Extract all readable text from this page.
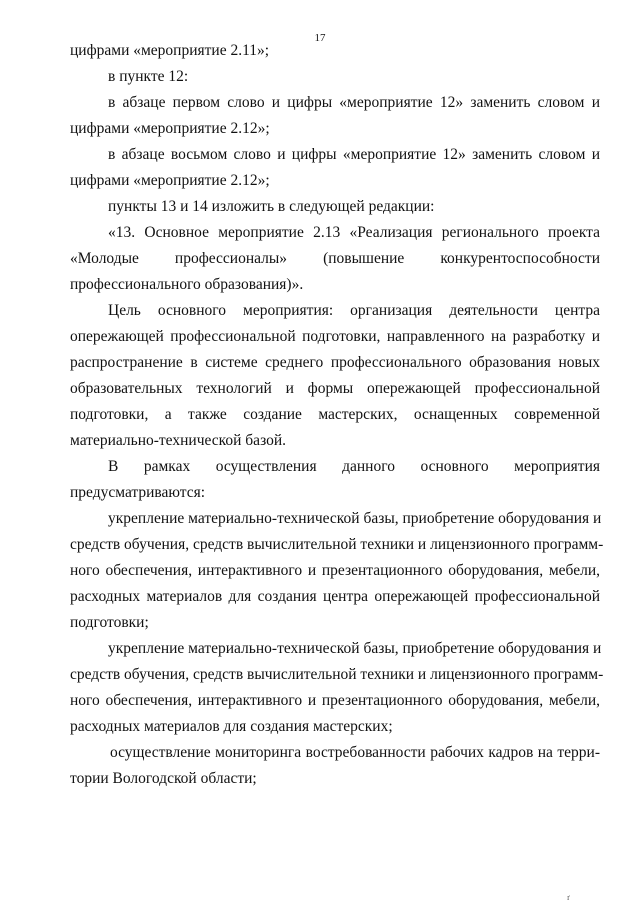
17
цифрами «мероприятие 2.11»;
в пункте 12:
в абзаце первом слово и цифры «мероприятие 12» заменить словом и
цифрами «мероприятие 2.12»;
в абзаце восьмом слово и цифры «мероприятие 12» заменить словом и
цифрами «мероприятие 2.12»;
пункты 13 и 14 изложить в следующей редакции:
«13. Основное мероприятие 2.13 «Реализация регионального проекта
«Молодые профессионалы» (повышение конкурентоспособности
профессионального образования)».
Цель основного мероприятия: организация деятельности центра
опережающей профессиональной подготовки, направленного на разработку и
распространение в системе среднего профессионального образования новых
образовательных технологий и формы опережающей профессиональной
подготовки, а также создание мастерских, оснащенных современной
материально-технической базой.
В рамках осуществления данного основного мероприятия
предусматриваются:
укрепление материально-технической базы, приобретение оборудования и
средств обучения, средств вычислительной техники и лицензионного программ-
ного обеспечения, интерактивного и презентационного оборудования, мебели,
расходных материалов для создания центра опережающей профессиональной
подготовки;
укрепление материально-технической базы, приобретение оборудования и
средств обучения, средств вычислительной техники и лицензионного программ-
ного обеспечения, интерактивного и презентационного оборудования, мебели,
расходных материалов для создания мастерских;
осуществление мониторинга востребованности рабочих кадров на терри-
тории Вологодской области;
ґ
